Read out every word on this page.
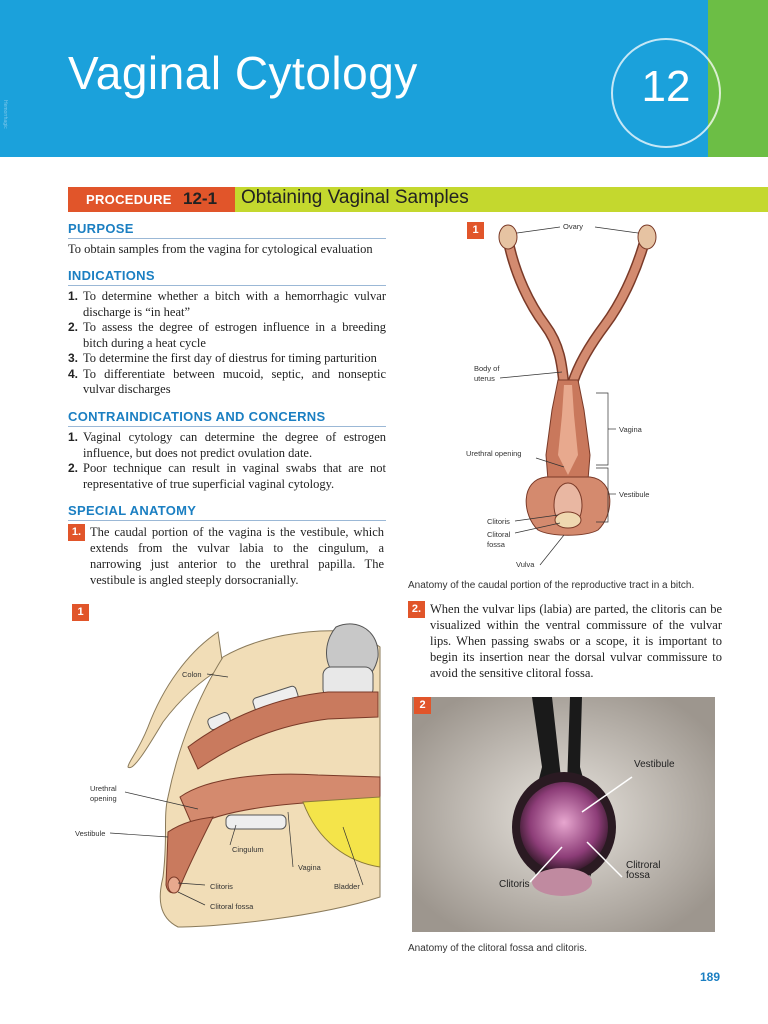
Hemorrhagic
Vaginal Cytology	12
PROCEDURE 12-1 Obtaining Vaginal Samples
PURPOSE
To obtain samples from the vagina for cytological evaluation
INDICATIONS
1. To determine whether a bitch with a hemorrhagic vulvar discharge is “in heat”
2. To assess the degree of estrogen influence in a breeding bitch during a heat cycle
3. To determine the first day of diestrus for timing parturition
4. To differentiate between mucoid, septic, and nonseptic vulvar discharges
CONTRAINDICATIONS AND CONCERNS
1. Vaginal cytology can determine the degree of estrogen influence, but does not predict ovulation date.
2. Poor technique can result in vaginal swabs that are not representative of true superficial vaginal cytology.
SPECIAL ANATOMY
1. The caudal portion of the vagina is the vestibule, which extends from the vulvar labia to the cingulum, a narrowing just anterior to the urethral papilla. The vestibule is angled steeply dorsocranially.
1	Ovary
Body of
uterus
Vagina
Urethral opening
Vestibule
Clitoris
Clitoral
fossa
Vulva
Anatomy of the caudal portion of the reproductive tract in a bitch.
1
Colon
Urethral
opening
Vestibule
Cingulum
Vagina
Clitoris	Bladder
Clitoral fossa
2. When the vulvar lips (labia) are parted, the clitoris can be visualized within the ventral commissure of the vulvar lips. When passing swabs or a scope, it is important to begin its insertion near the dorsal vulvar commissure to avoid the sensitive clitoral fossa.
Vestibule
Clitroral
fossa
Clitoris
2
Anatomy of the clitoral fossa and clitoris.
189
